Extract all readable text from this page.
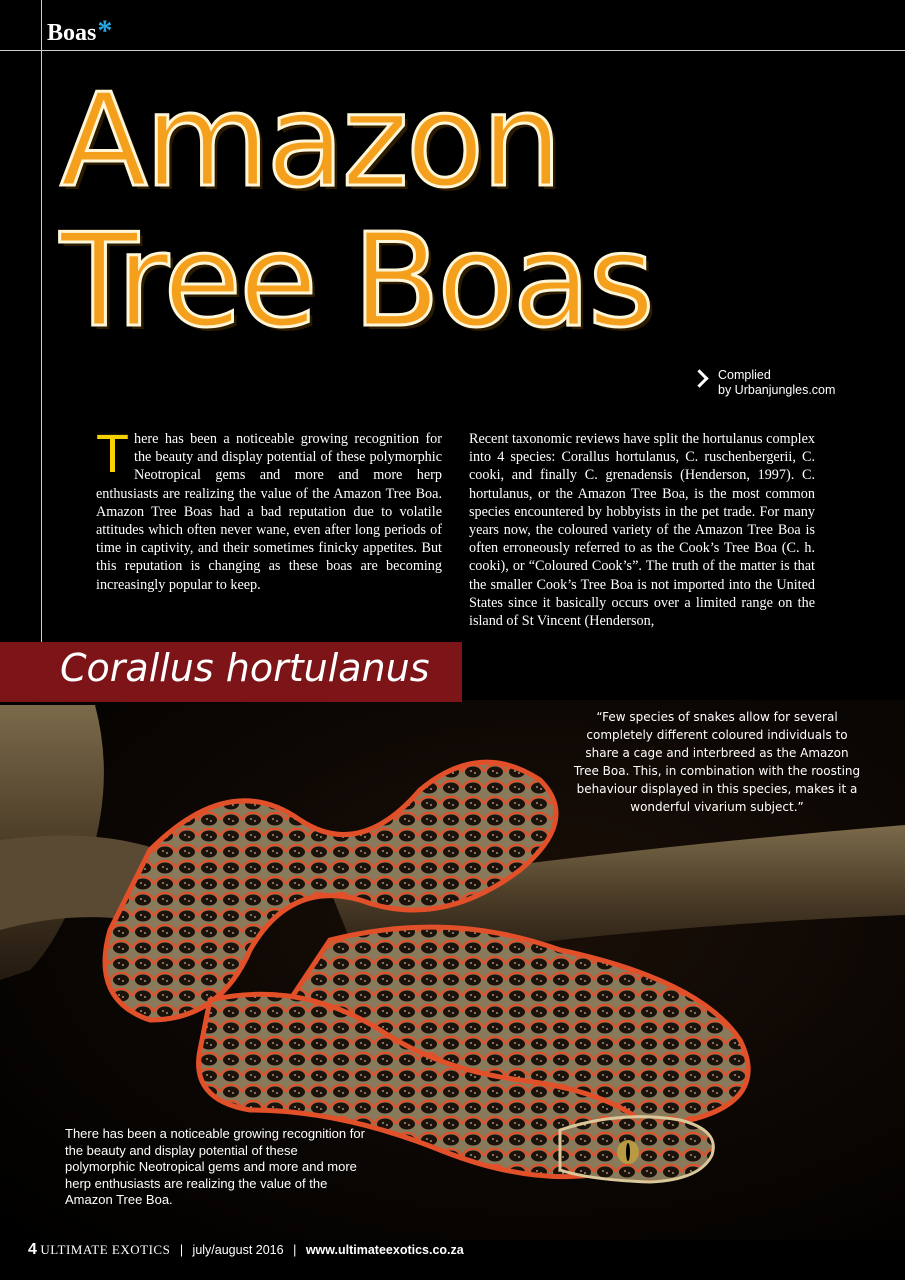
Boas*
Amazon
Tree Boas
Complied
by Urbanjungles.com

There has been a noticeable growing recognition for the beauty and display potential of these polymorphic Neotropical gems and more and more herp enthusiasts are realizing the value of the Amazon Tree Boa. Amazon Tree Boas had a bad reputation due to volatile attitudes which often never wane, even after long periods of time in captivity, and their sometimes finicky appetites. But this reputation is changing as these boas are becoming increasingly popular to keep.

Recent taxonomic reviews have split the hortulanus complex into 4 species: Corallus hortulanus, C. ruschenbergerii, C. cooki, and finally C. grenadensis (Henderson, 1997). C. hortulanus, or the Amazon Tree Boa, is the most common species encountered by hobbyists in the pet trade. For many years now, the coloured variety of the Amazon Tree Boa is often erroneously referred to as the Cook’s Tree Boa (C. h. cooki), or “Coloured Cook’s”. The truth of the matter is that the smaller Cook’s Tree Boa is not imported into the United States since it basically occurs over a limited range on the island of St Vincent (Henderson,

Corallus hortulanus
“Few species of snakes allow for several completely different coloured individuals to share a cage and interbreed as the Amazon Tree Boa. This, in combination with the roosting behaviour displayed in this species, makes it a wonderful vivarium subject.”
There has been a noticeable growing recognition for the beauty and display potential of these polymorphic Neotropical gems and more and more herp enthusiasts are realizing the value of the Amazon Tree Boa.
4 ULTIMATE EXOTICS | july/august 2016 | www.ultimateexotics.co.za
